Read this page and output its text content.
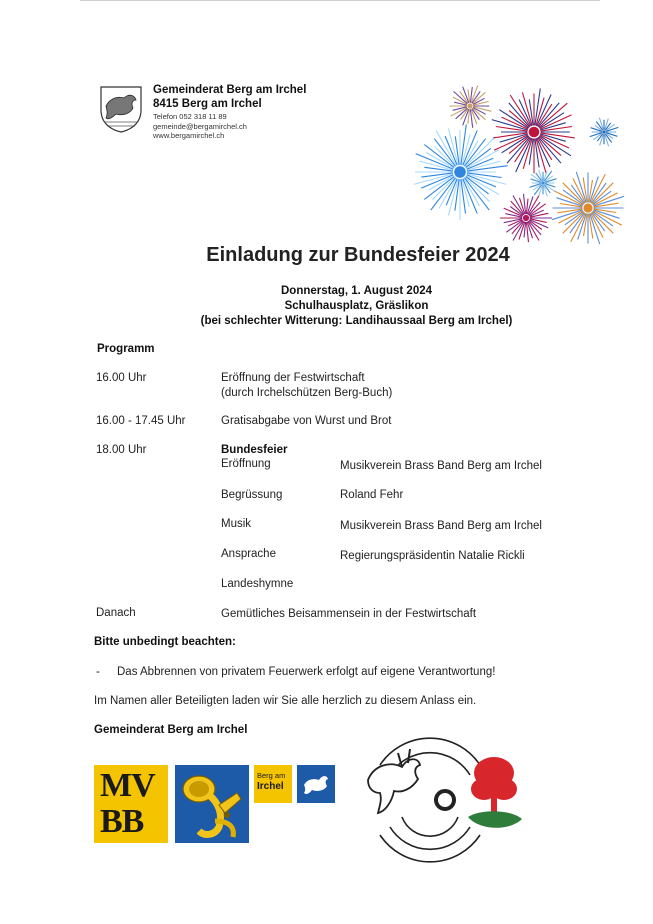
Gemeinderat Berg am Irchel
8415 Berg am Irchel
Telefon 052 318 11 89
gemeinde@bergamirchel.ch
www.bergamirchel.ch
Einladung zur Bundesfeier 2024
Donnerstag, 1. August 2024
Schulhausplatz, Gräslikon
(bei schlechter Witterung: Landihaussaal Berg am Irchel)
Programm
16.00 Uhr	Eröffnung der Festwirtschaft
(durch Irchelschützen Berg-Buch)
16.00 - 17.45 Uhr	Gratisabgabe von Wurst und Brot
18.00 Uhr	Bundesfeier
Eröffnung	Musikverein Brass Band Berg am Irchel
Begrüssung	Roland Fehr
Musik	Musikverein Brass Band Berg am Irchel
Ansprache	Regierungspräsidentin Natalie Rickli
Landeshymne
Danach	Gemütliches Beisammensein in der Festwirtschaft
Bitte unbedingt beachten:
- Das Abbrennen von privatem Feuerwerk erfolgt auf eigene Verantwortung!
Im Namen aller Beteiligten laden wir Sie alle herzlich zu diesem Anlass ein.
Gemeinderat Berg am Irchel
MV
BB
Berg am
Irchel
